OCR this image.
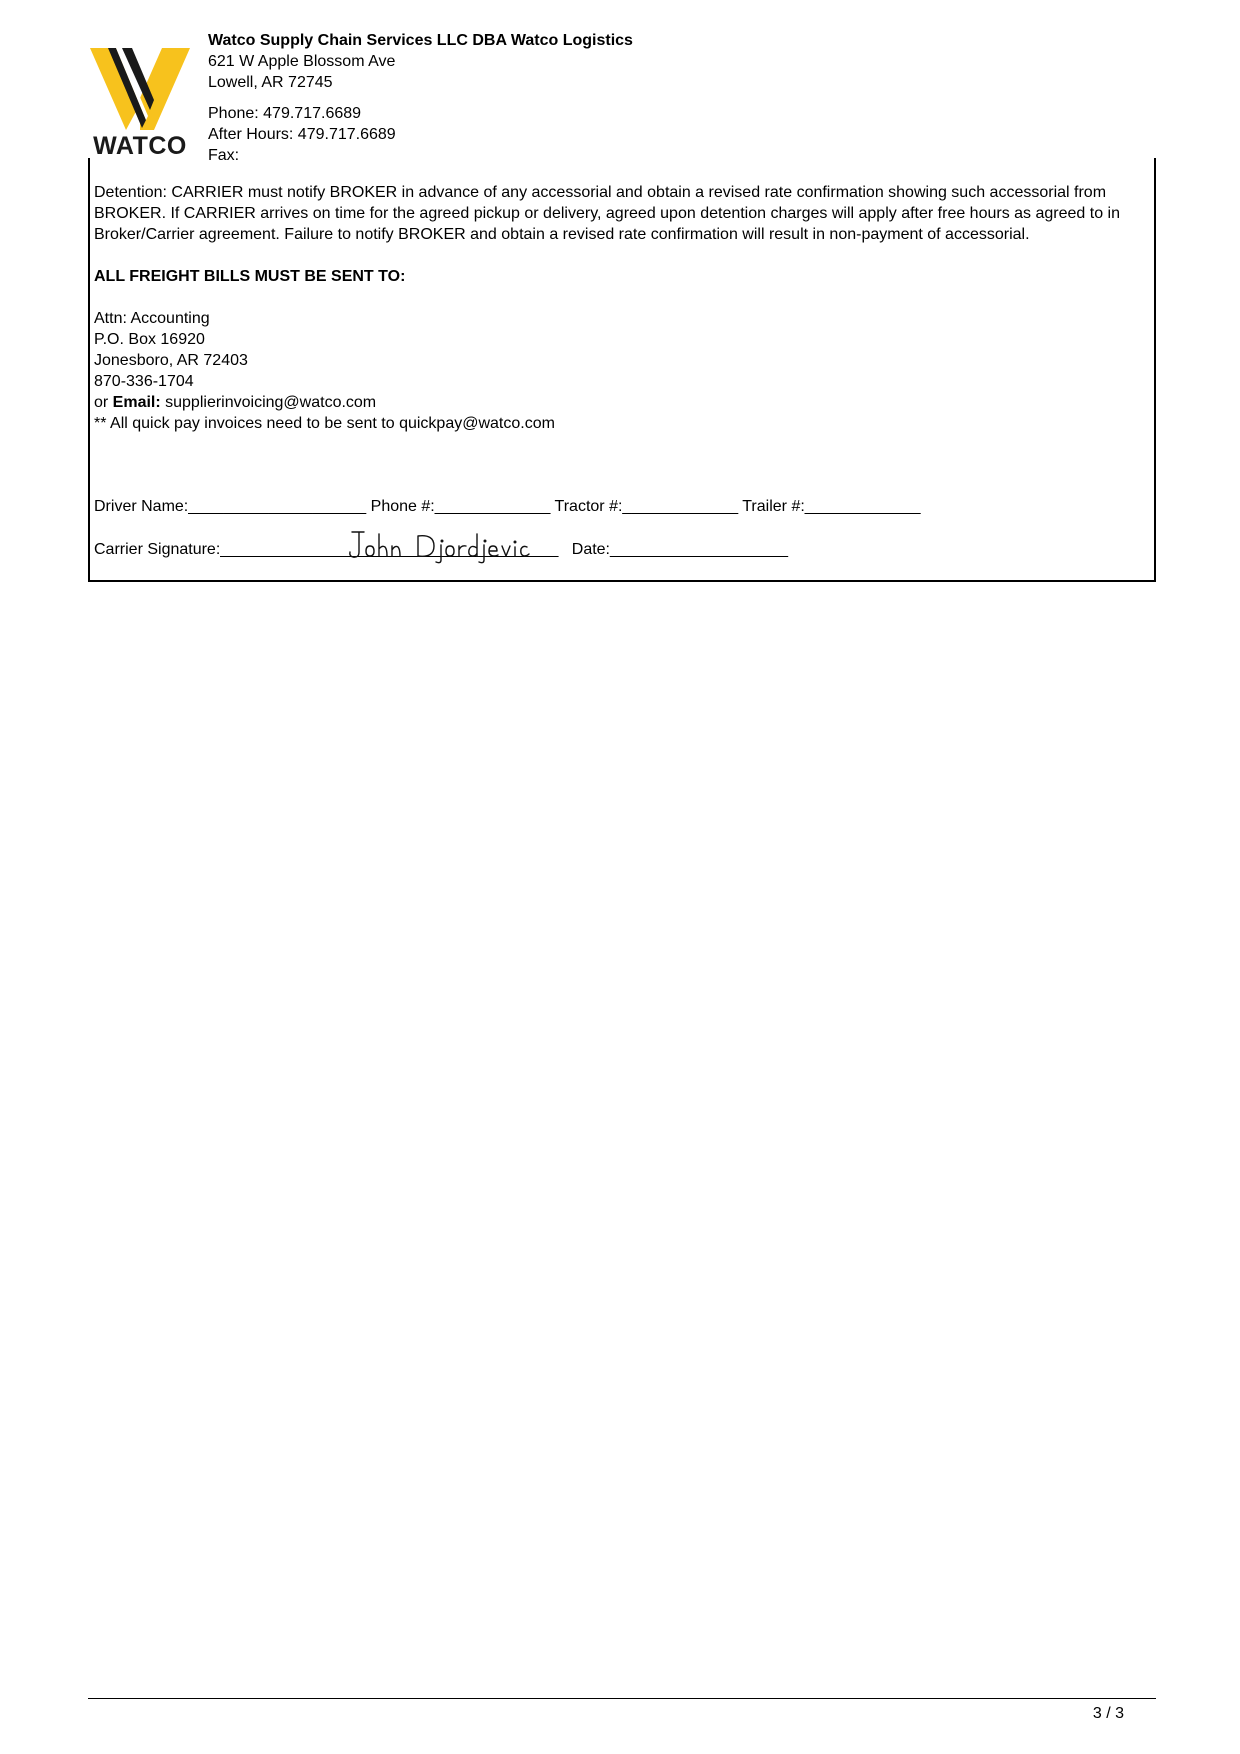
WATCO
Watco Supply Chain Services LLC DBA Watco Logistics
621 W Apple Blossom Ave
Lowell, AR 72745
Phone: 479.717.6689
After Hours: 479.717.6689
Fax:

Detention: CARRIER must notify BROKER in advance of any accessorial and obtain a revised rate confirmation showing such accessorial from BROKER. If CARRIER arrives on time for the agreed pickup or delivery, agreed upon detention charges will apply after free hours as agreed to in Broker/Carrier agreement. Failure to notify BROKER and obtain a revised rate confirmation will result in non-payment of accessorial.

ALL FREIGHT BILLS MUST BE SENT TO:

Attn: Accounting
P.O. Box 16920
Jonesboro, AR 72403
870-336-1704
or Email: supplierinvoicing@watco.com
** All quick pay invoices need to be sent to quickpay@watco.com
Driver Name:____________________ Phone #:_____________ Tractor #:_____________ Trailer #:_____________
Carrier Signature:______________________________________   Date:____________________
3 / 3
